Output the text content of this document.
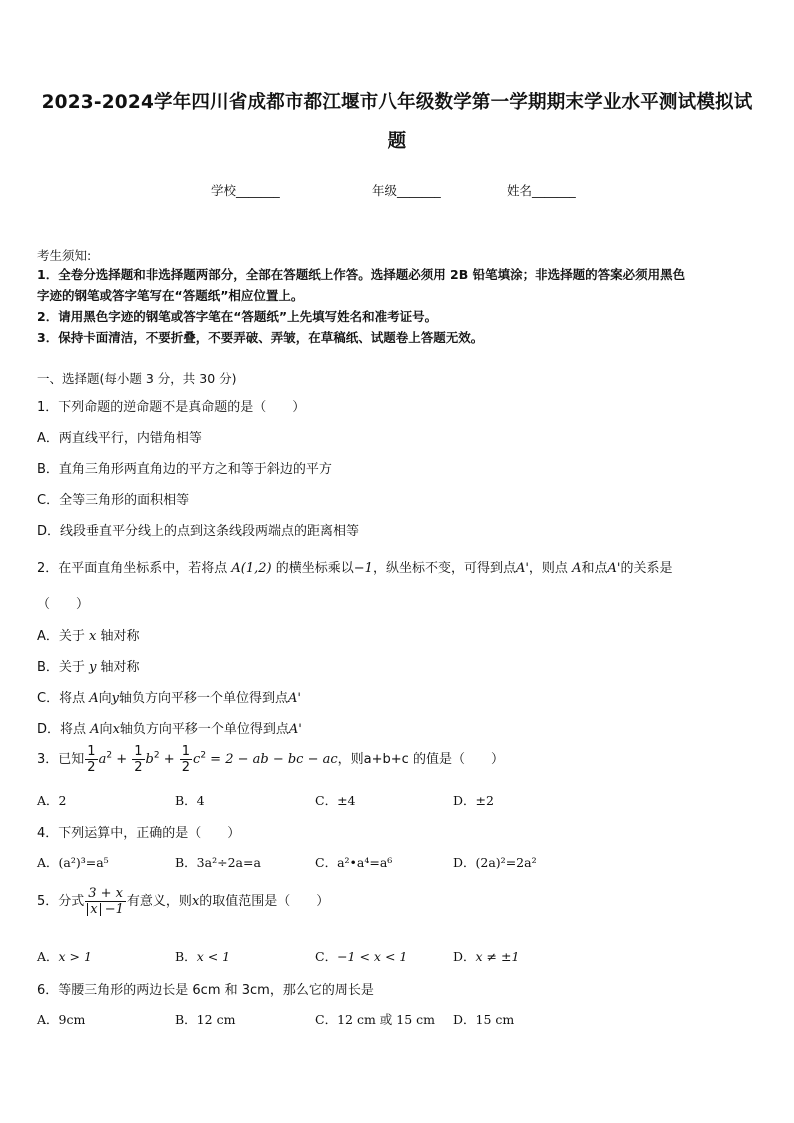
2023-2024学年四川省成都市都江堰市八年级数学第一学期期末学业水平测试模拟试
题
学校_______	年级_______	姓名_______
考生须知:
1．全卷分选择题和非选择题两部分，全部在答题纸上作答。选择题必须用 2B 铅笔填涂；非选择题的答案必须用黑色
字迹的钢笔或答字笔写在“答题纸”相应位置上。
2．请用黑色字迹的钢笔或答字笔在“答题纸”上先填写姓名和准考证号。
3．保持卡面清洁，不要折叠，不要弄破、弄皱，在草稿纸、试题卷上答题无效。
一、选择题(每小题 3 分，共 30 分)
1．下列命题的逆命题不是真命题的是（　　）
A．两直线平行，内错角相等
B．直角三角形两直角边的平方之和等于斜边的平方
C．全等三角形的面积相等
D．线段垂直平分线上的点到这条线段两端点的距离相等
2．在平面直角坐标系中，若将点 A(1,2) 的横坐标乘以−1，纵坐标不变，可得到点A'，则点 A和点A'的关系是
（　　）
A．关于 x 轴对称
B．关于 y 轴对称
C．将点 A向y轴负方向平移一个单位得到点A'
D．将点 A向x轴负方向平移一个单位得到点A'
3．已知 $\frac{1}{2} a^2 + \frac{1}{2} b^2 + \frac{1}{2} c^2 = 2$ − ab − bc − ac，则a+b+c 的值是（　　）
A．2	B．4	C．±4	D．±2
4．下列运算中，正确的是（　　）
A．(a²)³=a⁵	B．3a²÷2a=a	C．a²•a⁴=a⁶	D．(2a)²=2a²
5．分式 $\frac{3 + x}{x -1}$ 有意义，则x的取值范围是（　　）
A．x > 1	B．x < 1	C．−1 < x < 1	D．x ≠ ±1
6．等腰三角形的两边长是 6cm 和 3cm，那么它的周长是
A．9cm	B．12 cm	C．12 cm 或 15 cm D．15 cm
